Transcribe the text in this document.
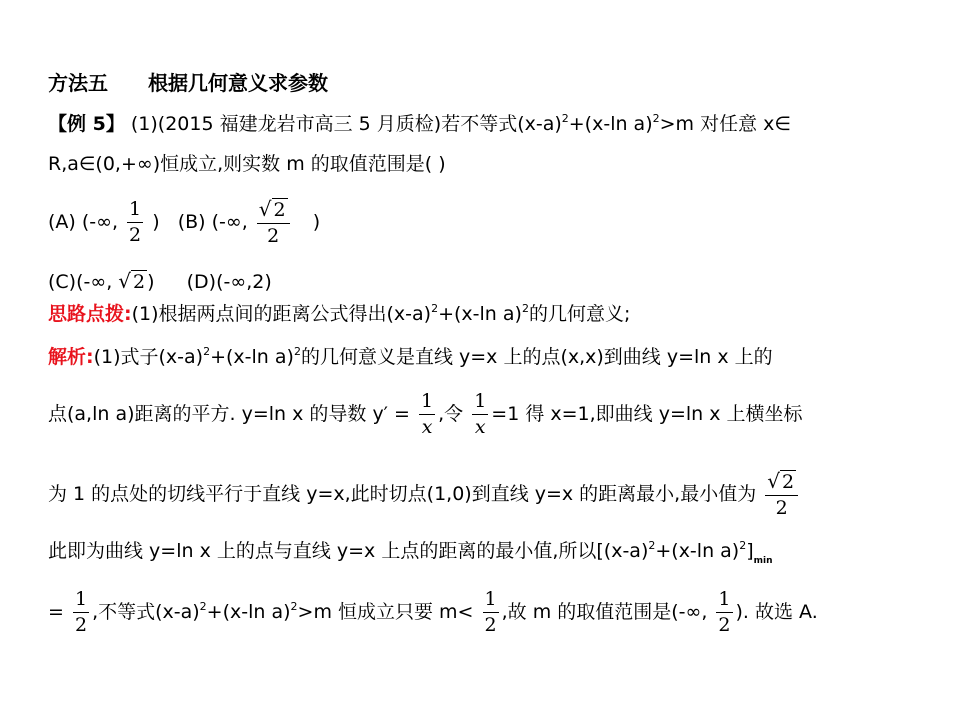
方法五 根据几何意义求参数
【例 5】 (1)(2015 福建龙岩市高三 5 月质检)若不等式$(x-a)^2+(x-\ln$ a)$^2$>m 对任意 x∈
R,a∈(0,+∞)恒成立,则实数 m 的取值范围是( )
(A) (-∞, $\frac{1}{2}$ ) (B) (-∞, $\frac{√ 2}{2}$ )
(C)(-∞, √ 2 ) (D)(-∞,2)
思路点拨:(1)根据两点间的距离公式得出$(x-a)^2+(x-\ln$ a)$^2$的几何意义;
解析:(1)式子$(x-a)^2+(x-\ln$ a)$^2$的几何意义是直线 y=x 上的点(x,x)到曲线 y=ln x 上的
点(a,ln a)距离的平方. y=ln x 的导数 $y' = \frac{1}{x}$ ,令 $\frac{1}{x} =1$ 得 x=1,即曲线 y=ln x 上横坐标
为 1 的点处的切线平行于直线 y=x,此时切点(1,0)到直线 y=x 的距离最小,最小值为 $\frac{√ 2}{2}$
此即为曲线 y=ln x 上的点与直线 y=x 上点的距离的最小值,所以[$(x-a)^2+(x-\ln$ $a)^2]_{min}$
= $\frac{1}{2}$ ,不等式$(x-a)^2+(x-\ln$ a)$^2$>m 恒成立只要 $m< \frac{1}{2}$ ,故 m 的取值范围是(-∞, $\frac{1}{2}$ ). 故选 A.
